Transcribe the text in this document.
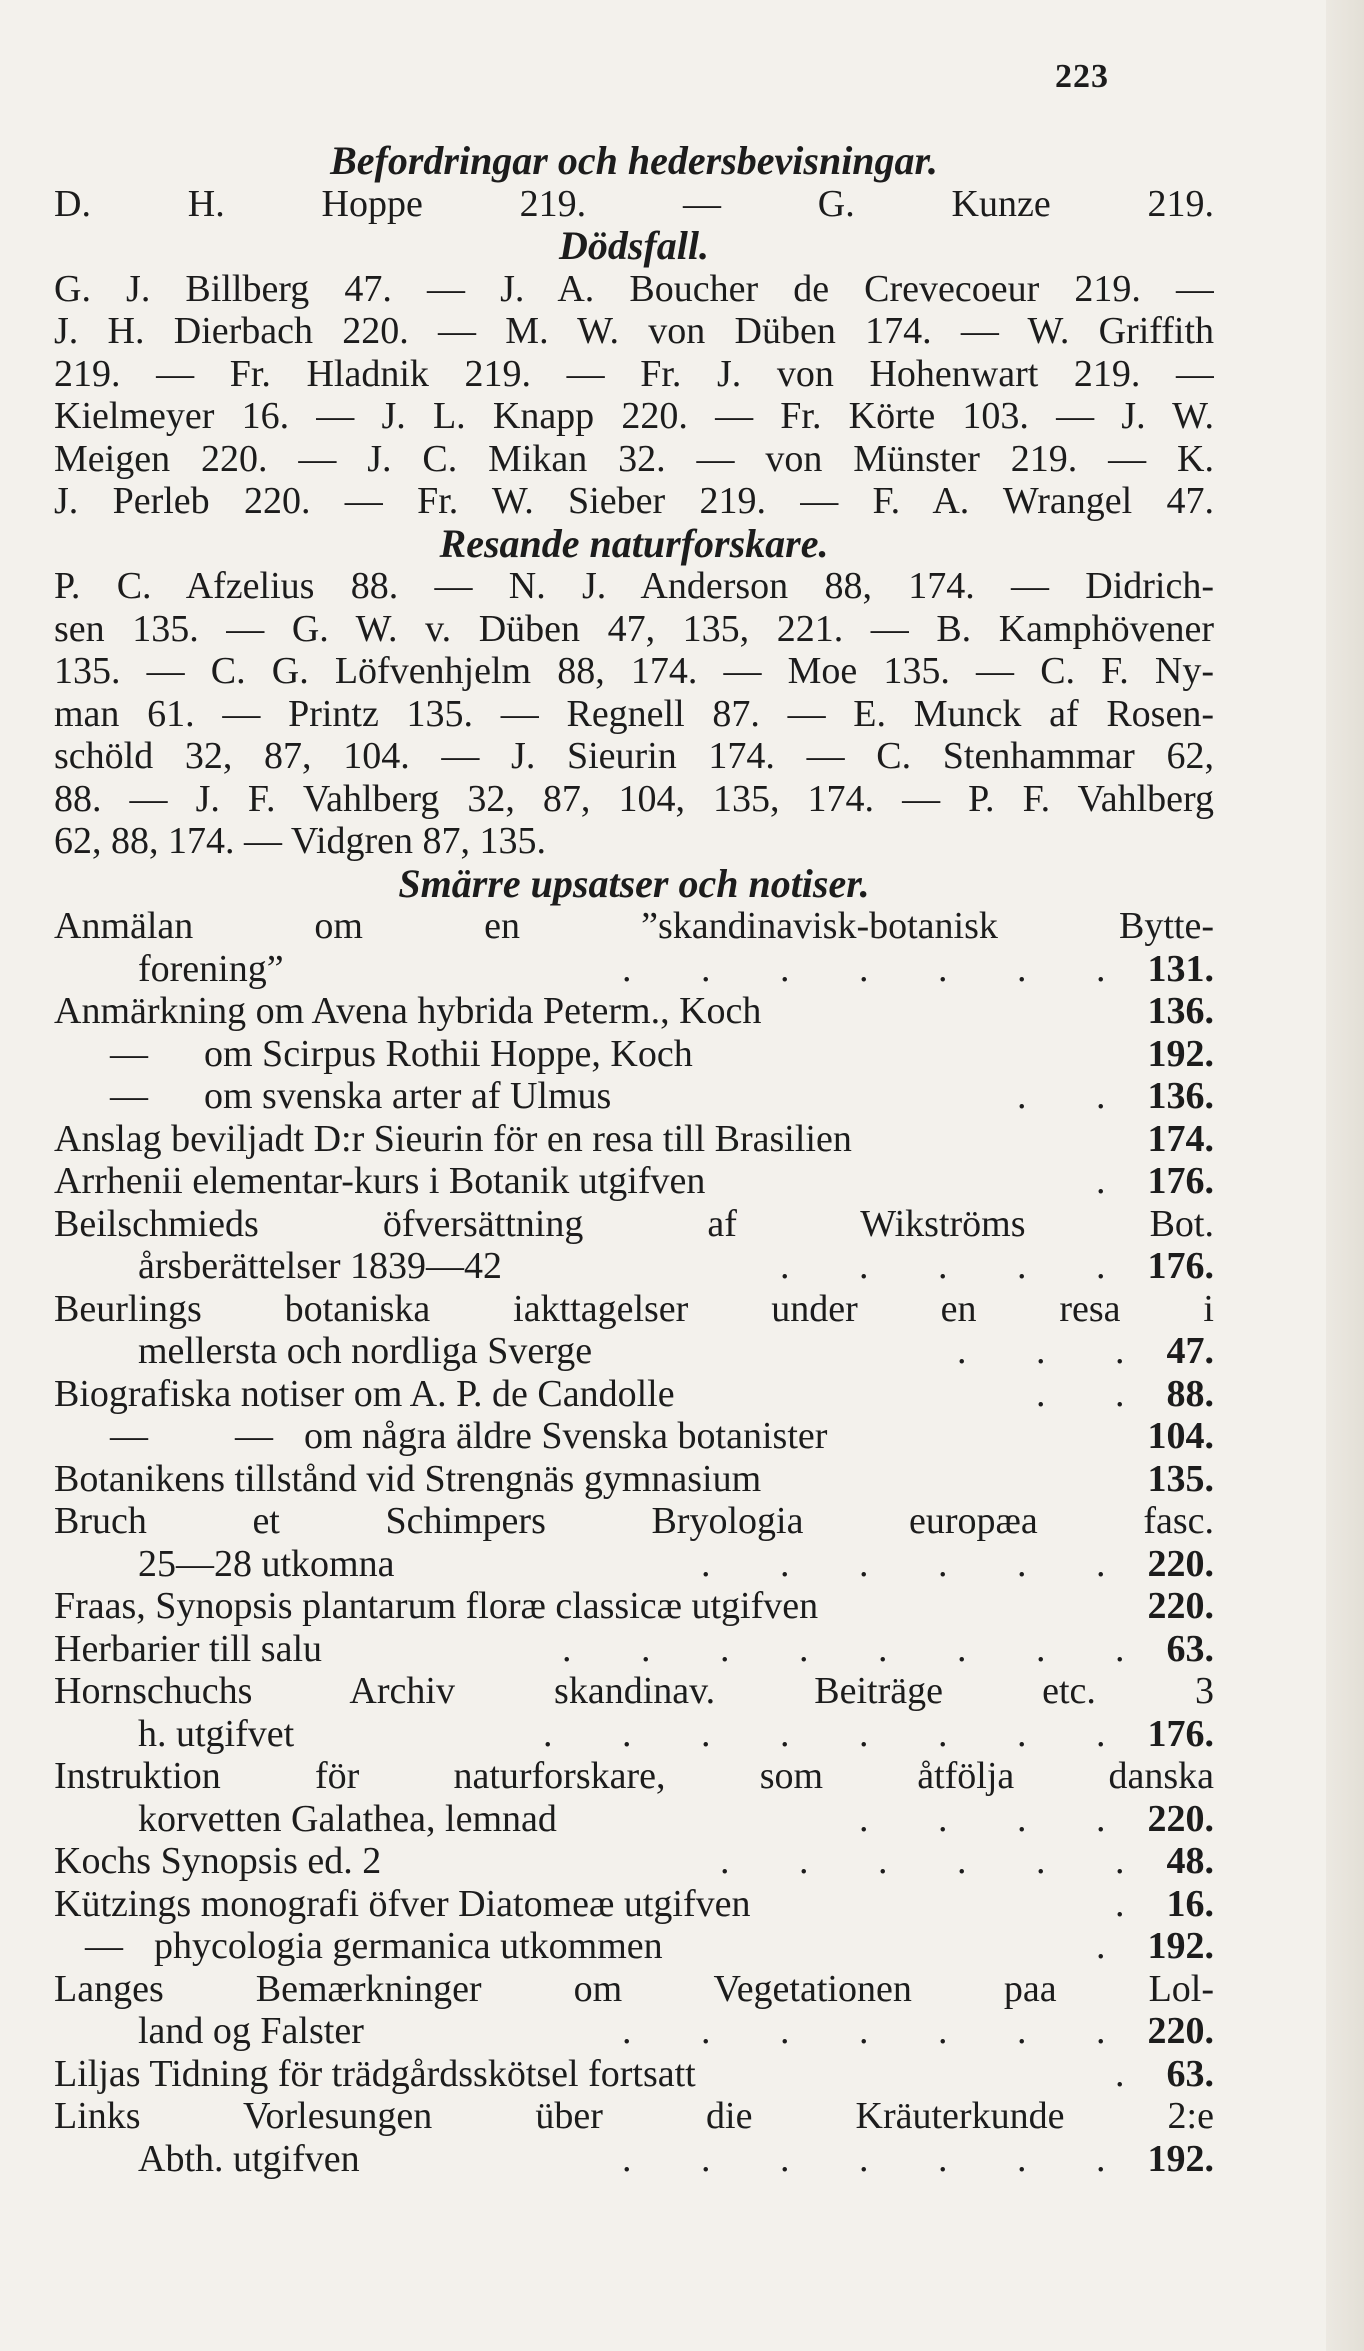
223
Befordringar och hedersbevisningar.
D. H. Hoppe 219. — G. Kunze 219.
Dödsfall.
G. J. Billberg 47. — J. A. Boucher de Crevecoeur 219. —
J. H. Dierbach 220. — M. W. von Düben 174. — W. Griffith
219. — Fr. Hladnik 219. — Fr. J. von Hohenwart 219. —
Kielmeyer 16. — J. L. Knapp 220. — Fr. Körte 103. — J. W.
Meigen 220. — J. C. Mikan 32. — von Münster 219. — K.
J. Perleb 220. — Fr. W. Sieber 219. — F. A. Wrangel 47.
Resande naturforskare.
P. C. Afzelius 88. — N. J. Anderson 88, 174. — Didrich-
sen 135. — G. W. v. Düben 47, 135, 221. — B. Kamphövener
135. — C. G. Löfvenhjelm 88, 174. — Moe 135. — C. F. Ny-
man 61. — Printz 135. — Regnell 87. — E. Munck af Rosen-
schöld 32, 87, 104. — J. Sieurin 174. — C. Stenhammar 62,
88. — J. F. Vahlberg 32, 87, 104, 135, 174. — P. F. Vahlberg
62, 88, 174. — Vidgren 87, 135.
Smärre upsatser och notiser.
Anmälan om en ”skandinavisk-botanisk Bytte-
forening”	. . . . . . . 131.
Anmärkning om Avena hybrida Peterm., Koch	136.
—	om Scirpus Rothii Hoppe, Koch	192.
—	om svenska arter af Ulmus	. . 136.
Anslag beviljadt D:r Sieurin för en resa till Brasilien	174.
Arrhenii elementar-kurs i Botanik utgifven	. 176.
Beilschmieds öfversättning af Wikströms Bot.
årsberättelser 1839—42	. . . . . 176.
Beurlings botaniska iakttagelser under en resa i
mellersta och nordliga Sverge	. . . 47.
Biografiska notiser om A. P. de Candolle	. . 88.
—	— om några äldre Svenska botanister	104.
Botanikens tillstånd vid Strengnäs gymnasium	135.
Bruch et Schimpers Bryologia europæa fasc.
25—28 utkomna	. . . . . . 220.
Fraas, Synopsis plantarum floræ classicæ utgifven	220.
Herbarier till salu	. . . . . . . . 63.
Hornschuchs Archiv skandinav. Beiträge etc. 3
h. utgifvet	. . . . . . . . 176.
Instruktion för naturforskare, som åtfölja danska
korvetten Galathea, lemnad	. . . . 220.
Kochs Synopsis ed. 2	. . . . . . 48.
Kützings monografi öfver Diatomeæ utgifven	. 16.
— phycologia germanica utkommen	. 192.
Langes Bemærkninger om Vegetationen paa Lol-
land og Falster	. . . . . . . 220.
Liljas Tidning för trädgårdsskötsel fortsatt	. 63.
Links Vorlesungen über die Kräuterkunde 2:e
Abth. utgifven	. . . . . . . 192.
